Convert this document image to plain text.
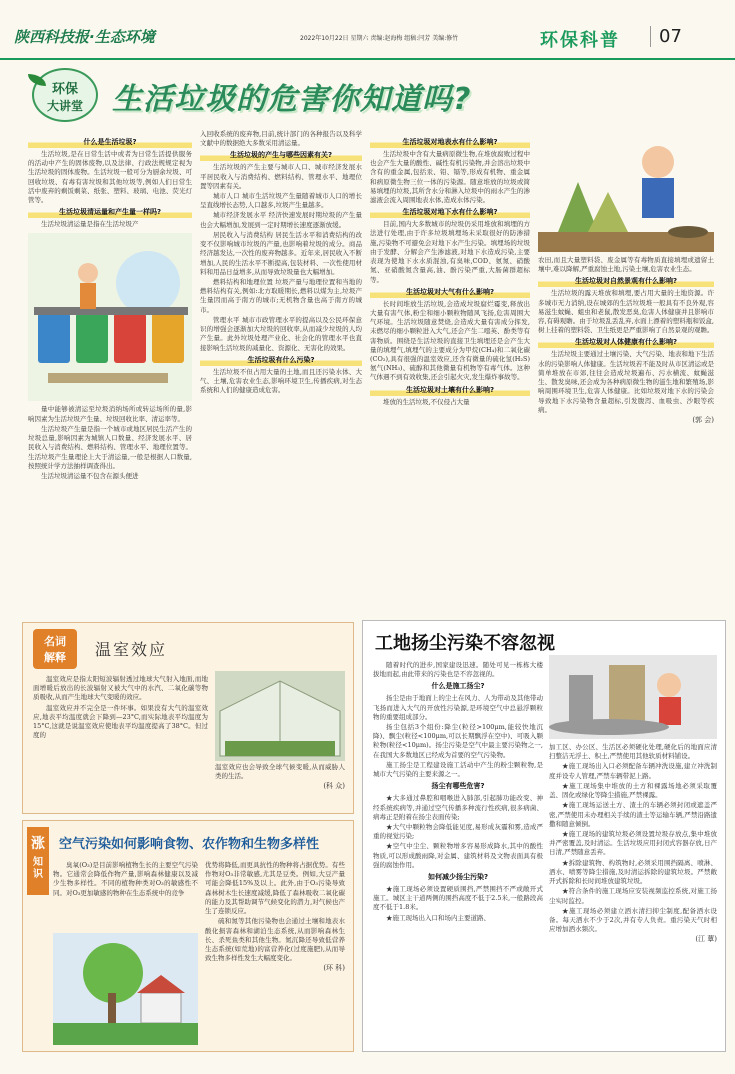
陕西科技报·生态环境	2022年10月22日 星期六 责编:赵海梅 组稿:闫芳 美编:修竹	环保科普	07
环保
大讲堂 生活垃圾的危害你知道吗?
什么是生活垃圾?

生活垃圾,是在日常生活中或者为日常生活提供服务的活动中产生的固体废物,以及法律、行政法规规定视为生活垃圾的固体废物。生活垃圾一般可分为厨余垃圾、可回收垃圾、有毒有害垃圾和其他垃圾等,例如人们日常生活中废弃的剩饭剩菜、纸张、塑料、玻璃、电池、荧光灯管等。

生活垃圾清运量和产生量一样吗?

生活垃圾清运量是指在生活垃圾产

量中能够被清运至垃圾消纳场所或转运场所的量,影响因素为生活垃圾产生量、垃圾回收比率、清运率等。

生活垃圾产生量是指一个城市或地区居民生活产生的垃圾总量,影响因素为城镇人口数量、经济发展水平、居民收入与消费结构、燃料结构、管理水平、地理位置等。生活垃圾产生量理论上大于清运量,一般是根据人口数量,按照统计学方法抽样调查得出。

生活垃圾清运量不包含在源头便进

入回收系统的废弃物,目前,统计部门的各种报告以及科学文献中的数据绝大多数采用清运量。

生活垃圾的产生与哪些因素有关?

生活垃圾的产生主要与城市人口、城市经济发展水平居民收入与消费结构、燃料结构、管理水平、地理位置等因素有关。

城市人口 城市生活垃圾产生量随着城市人口的增长呈直线增长态势,人口越多,垃圾产生量越多。

城市经济发展水平 经济快速发展时期垃圾的产生量也会大幅增加,发展到一定时期增长速度逐渐放缓。

居民收入与消费结构 居民生活水平和消费结构的改变不仅影响城市垃圾的产量,也影响着垃圾的成分。商品经济越发达,一次性的废弃物越多。近年来,居民收入不断增加,人民的生活水平不断提高,包装材料、一次性使用材料和用品日益增多,从而导致垃圾量也大幅增加。

燃料结构和地理位置 垃圾产量与地理位置和当地的燃料结构有关,例如:北方取暖期长,燃料以煤为主,垃圾产生量因而高于南方的城市;无机物含量也高于南方的城市。

管理水平 城市市政管理水平的提高以及公民环保意识的增强会逐渐加大垃圾的回收率,从而减少垃圾的人均产生量。此外垃圾处理产业化、社会化的管理水平也直接影响生活垃圾的减量化、资源化、无害化的效果。

生活垃圾有什么污染?

生活垃圾不但占用大量的土地,而且还污染水体、大气、土壤,危害农业生态,影响环境卫生,传播疾病,对生态系统和人们的健康造成危害。

生活垃圾对地表水有什么影响?

生活垃圾中含有大量病原微生物,在堆放腐败过程中也会产生大量的酸性、碱性有机污染物,并会溶出垃圾中含有的重金属,包括汞、铅、镉等,形成有机物、重金属和病原微生物三位一体的污染源。随意堆放的垃圾或简易填埋的垃圾,其所含水分和淋入垃圾中的雨水产生的渗滤液会流入周围地表水体,造成水体污染。

生活垃圾对地下水有什么影响?

目前,国内大多数城市的垃圾仍采用堆放和填埋的方法进行处理,由于许多垃圾填埋场未采取很好的防渗措施,污染物不可避免会对地下水产生污染。填埋场的垃圾由于发酵、分解会产生渗滤液,对地下水造成污染,主要表现为使地下水水质混浊,有臭味,COD、氨氮、硝酸氮、亚硝酸氮含量高,油、酚污染严重,大肠菌群超标等。

生活垃圾对大气有什么影响?

长时间堆放生活垃圾,会造成垃圾腐烂霉变,释放出大量有害气体,粉尘和细小颗粒物随风飞扬,危害周围大气环境。生活垃圾随意焚烧,会造成大量有害成分挥发,未燃尽的细小颗粒进入大气,还会产生二噁英、酚类等有害物质。围绕是生活垃圾的直接卫生填埋还是会产生大量的填埋气,填埋气的主要成分为甲烷(CH₄)和二氧化碳(CO₂),具有很强的温室效应,还含有微量的硫化氢(H₂S)氨气(NH₃)、硫醇和其他微量有机物等有毒气体。这种气体遇不到有效收集,还会引起火灾,发生爆炸事故等。

生活垃圾对土壤有什么影响?

堆放的生活垃圾,不仅侵占大量

农田,而且大量塑料袋、废金属等有毒物质直接填埋或遗留土壤中,难以降解,严重腐蚀土地,污染土壤,危害农业生态。

生活垃圾对自然景观有什么影响?

生活垃圾的露天堆放和填埋,要占用大量的土地资源。许多城市无力消纳,设在城郊的生活垃圾堆一般具有不良外观,容易滋生蚊蝇、蛆虫和老鼠,散发恶臭,危害人体健康并且影响市容,有碍观瞻。由于垃圾乱丢乱弃,水面上漂着的塑料瓶和饭盒,树上挂着的塑料袋、卫生纸更是严重影响了自然景观的观瞻。

生活垃圾对人体健康有什么影响?

生活垃圾主要通过土壤污染、大气污染、地表和地下生活水的污染影响人体健康。生活垃圾若不能及时从市区清运或是简单堆放在市郊,往往会造成垃圾遍布、污水横流、蚊蝇滋生、散发臭味,还会成为各种病原微生物的滋生地和繁殖场,影响周围环境卫生,危害人体健康。比如垃圾对地下水的污染会导致地下水污染物含量超标,引发腹泻、血吸虫、沙眼等疾病。

(郭 会)
名词
解释	温室效应

温室效应是指太阳短波辐射透过地球大气射入地面,而地面增暖后放出的长波辐射又被大气中的水汽、二氧化碳等物质吸收,从而产生地球大气变暖的效应。

温室效应并不完全是一件坏事。如果没有大气的温室效应,地表平均温度就会下降到—23°C,而实际地表平均温度为15°C,这就是说温室效应使地表平均温度提高了38°C。但过度的

温室效应也会导致全球气候变暖,从而威胁人类的生活。

(科 众)
涨
知识
空气污染如何影响食物、农作物和生物多样性

臭氧(O₃)是目前影响植物生长的主要空气污染物。它通常会降低作物产量,影响森林健康以及减少生物多样性。不同的植物种类对O₃的敏感性不同。对O₃更加敏感的物种在生态系统中的竞争

优势将降低,而更具抗性的物种将占据优势。有些作物对O₃非常敏感,尤其是豆类。例如,大豆产量可能会降低15%及以上。此外,由于O₃污染导致森林树木生长速度减缓,降低了森林吸收二氧化碳的能力及其帮助调节气候变化的潜力,对气候也产生了连锁反应。

硫和氮等其他污染物也会通过土壤和地表水酸化损害森林和湖泊生态系统,从而影响森林生长、杀死鱼类和其他生物。氮沉降还导致低营养生态系统(如荒地)的富营养化(过度施肥),从而导致生物多样性发生大幅度变化。

(环 科)
工地扬尘污染不容忽视

随着时代的进步,国家建设迅速。随处可见一栋栋大楼拔地而起,由此带来的污染也是不容忽视的。

什么是施工扬尘?

扬尘是由于地面上的尘土在风力、人为带动及其他带动飞扬而进入大气的开放性污染源,是环境空气中总悬浮颗粒物的重要组成部分。

扬尘包括3个组份:降尘(粒径>100μm,能较快地沉降)、飘尘(粒径<100μm,可以长期飘浮在空中)、可吸入颗粒物(粒径<10μm)。扬尘污染是空气中最主要污染物之一,在我国大多数地区已经成为首要的空气污染物。

施工扬尘是工程建设施工活动中产生的粉尘颗粒物,是城市大气污染的主要来源之一。

扬尘有哪些危害?

★大多通过鼻腔和咽喉进入肺部,引起肺功能改变、神经系统疾病等,并通过空气传播多种流行性疾病,很多病菌、病毒正是附着在扬尘表面传染;

★大气中颗粒物会降低能见度,易形成灰霾和雾,造成严重的视觉污染;

★空气中尘尘、颗粒物增多容易形成降水,其中的酸性物质,可以形成酸雨降,对金属、建筑材料及文物表面具有极强的腐蚀作用。

如何减少扬尘污染?

★施工现场必须设置硬质围挡,严禁围挡不严或敞开式施工。城区主干道两侧的围挡高度不低于2.5米,一般路段高度不低于1.8米。

★施工现场出入口和场内主要道路、

加工区、办公区、生活区必须硬化处理,硬化后的地面应清扫整洁无浮土、积土,严禁使用其他软质材料铺设。

★施工现场出入口必须配备车辆冲洗设施,建立冲洗制度并设专人管理,严禁车辆带泥上路。

★施工现场集中堆放的土方和裸露场地必须采取覆盖、固化或绿化等降尘措施,严禁裸露。

★施工现场运送土方、渣土的车辆必须封闭或遮盖严密,严禁使用未办理相关手续的渣土等运输车辆,严禁沿路遗撒和随意倾倒。

★施工现场的建筑垃圾必须设置垃圾存放点,集中堆放并严密覆盖,及时清运。生活垃圾应用封闭式容器存放,日产日清,严禁随意丢弃。

★拆除建筑物、构筑物时,必须采用围挡隔离、喷淋、洒水、喷雾等降尘措施,及时清运拆除的建筑垃圾。严禁敞开式拆除和长时间堆放建筑垃圾。

★符合条件的施工现场应安装视频监控系统,对施工扬尘实时监控。

★施工现场必须建立洒水清扫抑尘制度,配备洒水设备。每天洒水不少于2次,并有专人负责。重污染天气时相应增加洒水频次。

(江 蕈)
